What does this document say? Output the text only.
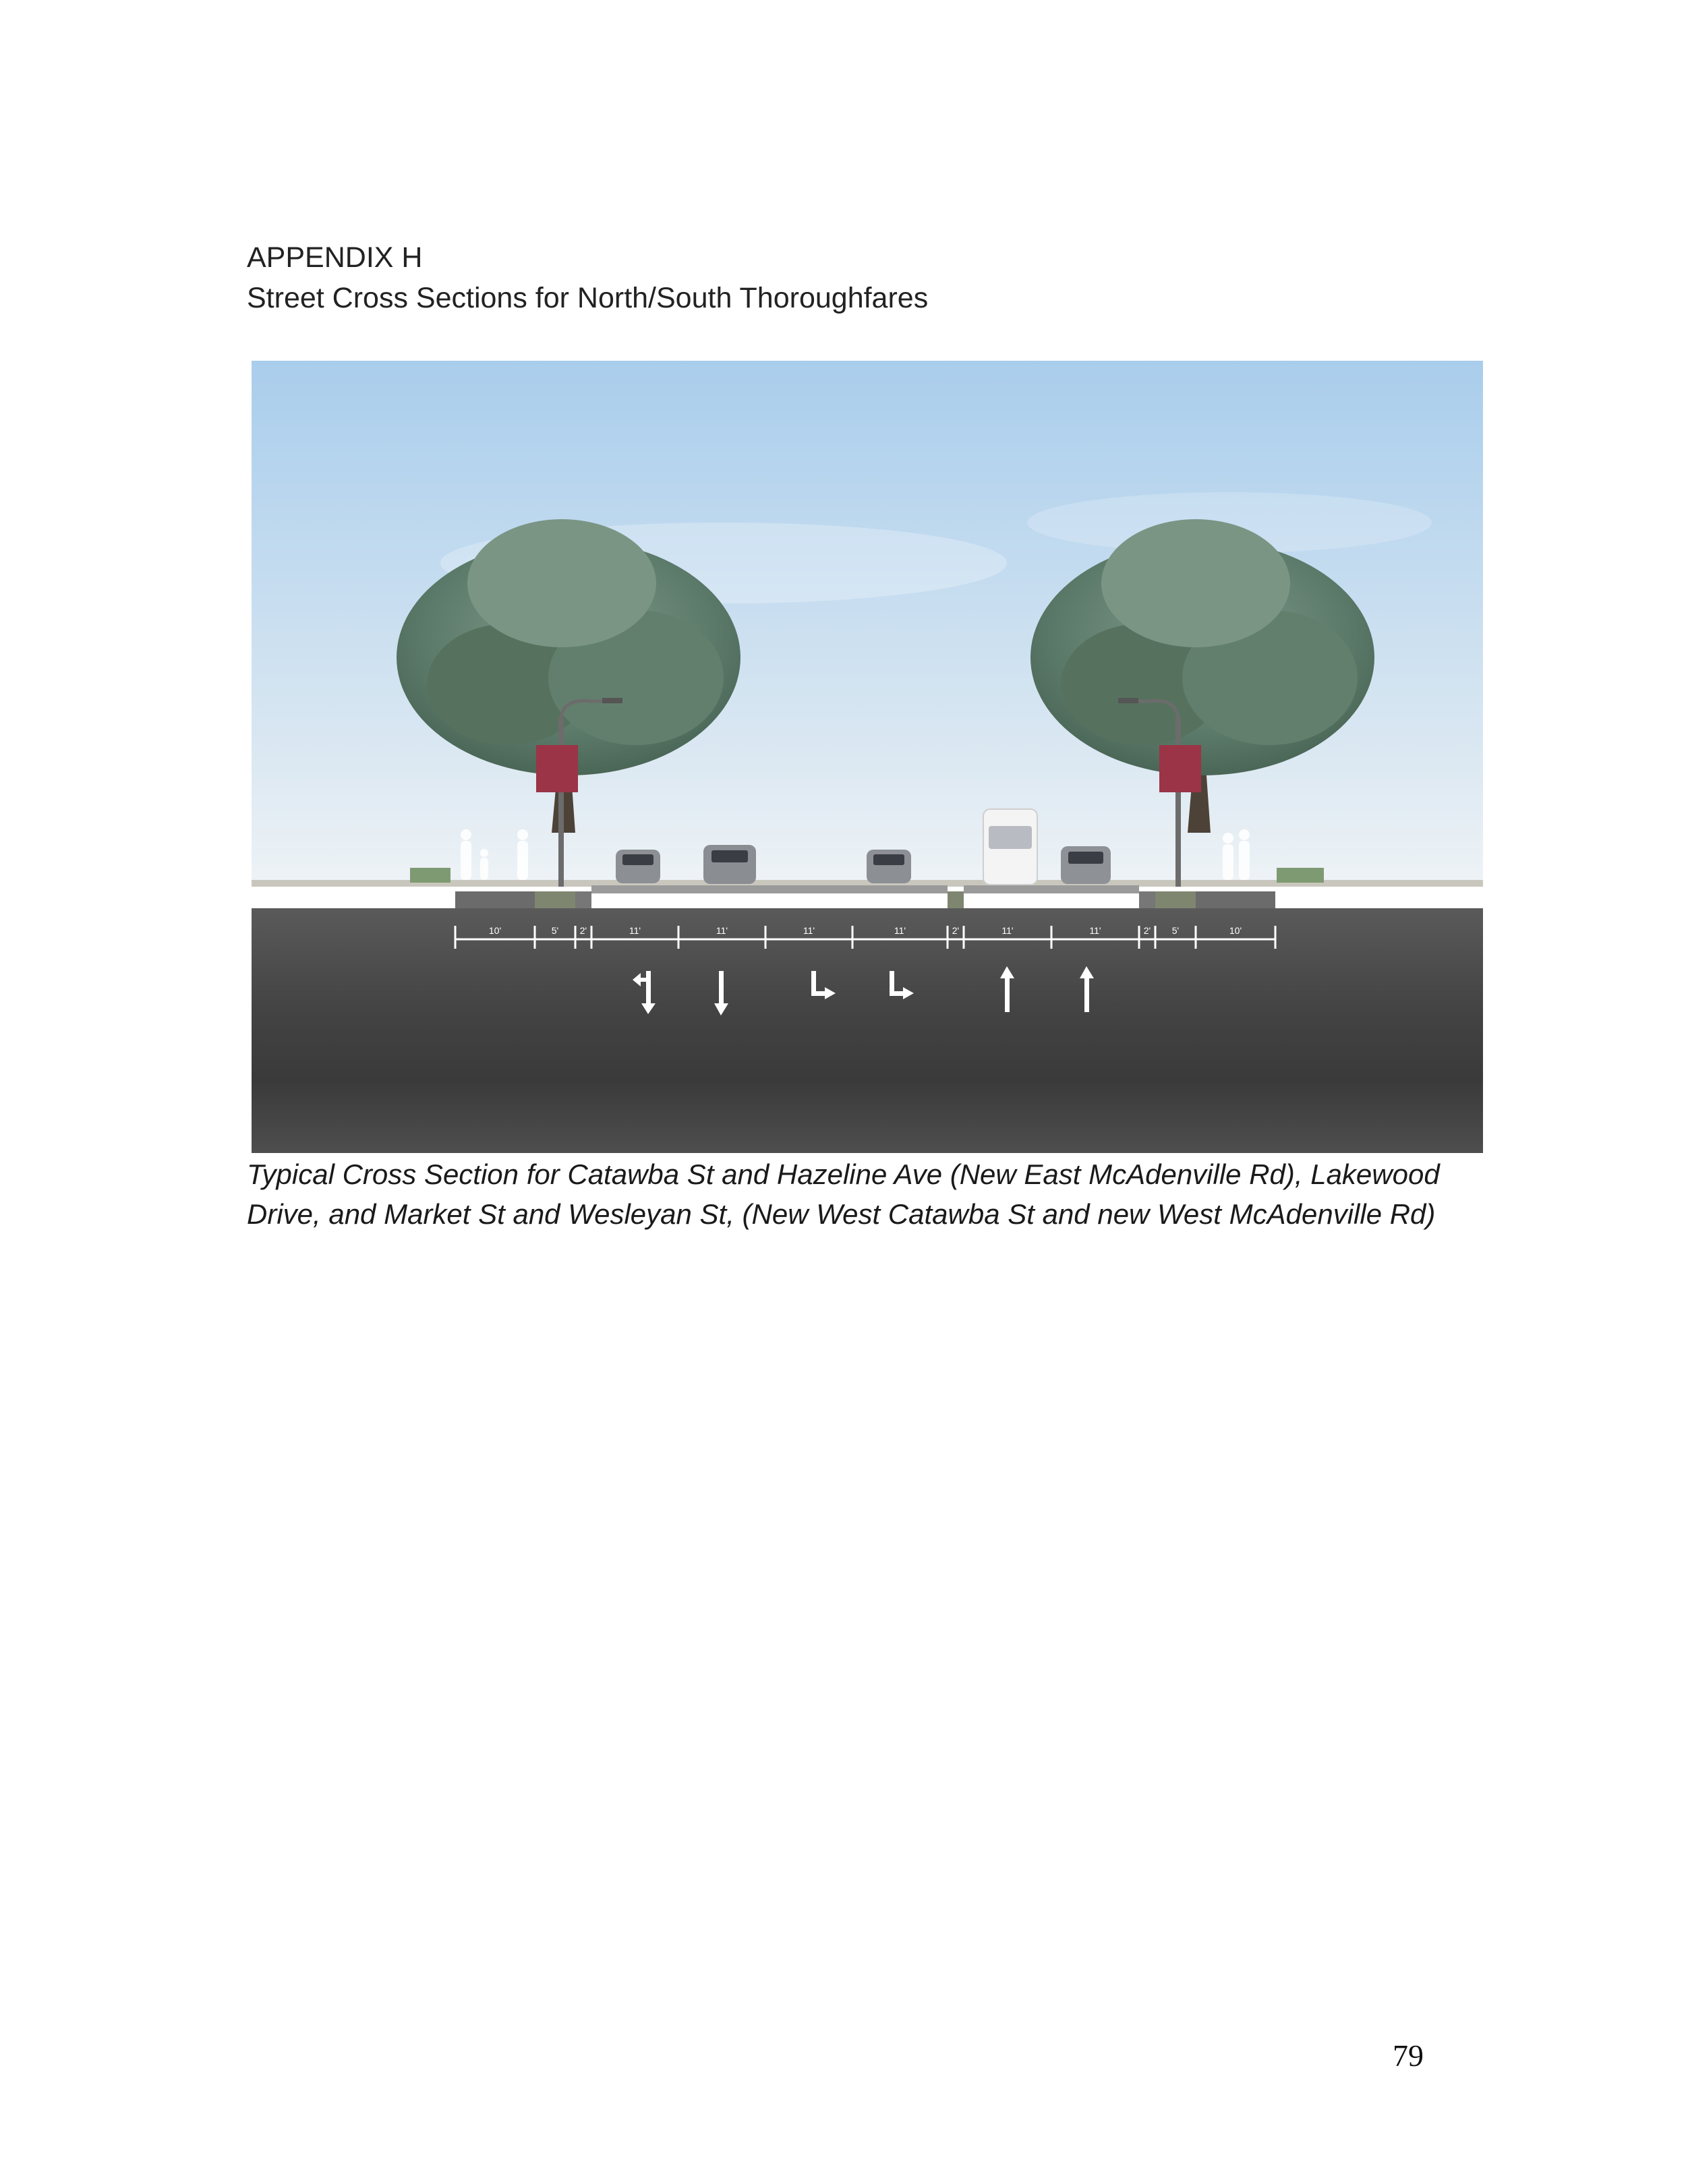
APPENDIX H
Street Cross Sections for North/South Thoroughfares
10'	5' 2'	11'	11'	11'	11'	2'	11'	11'	2' 5'	10'
Typical Cross Section for Catawba St and Hazeline Ave (New East McAdenville Rd), Lakewood
Drive, and Market St and Wesleyan St, (New West Catawba St and new West McAdenville Rd)
79
